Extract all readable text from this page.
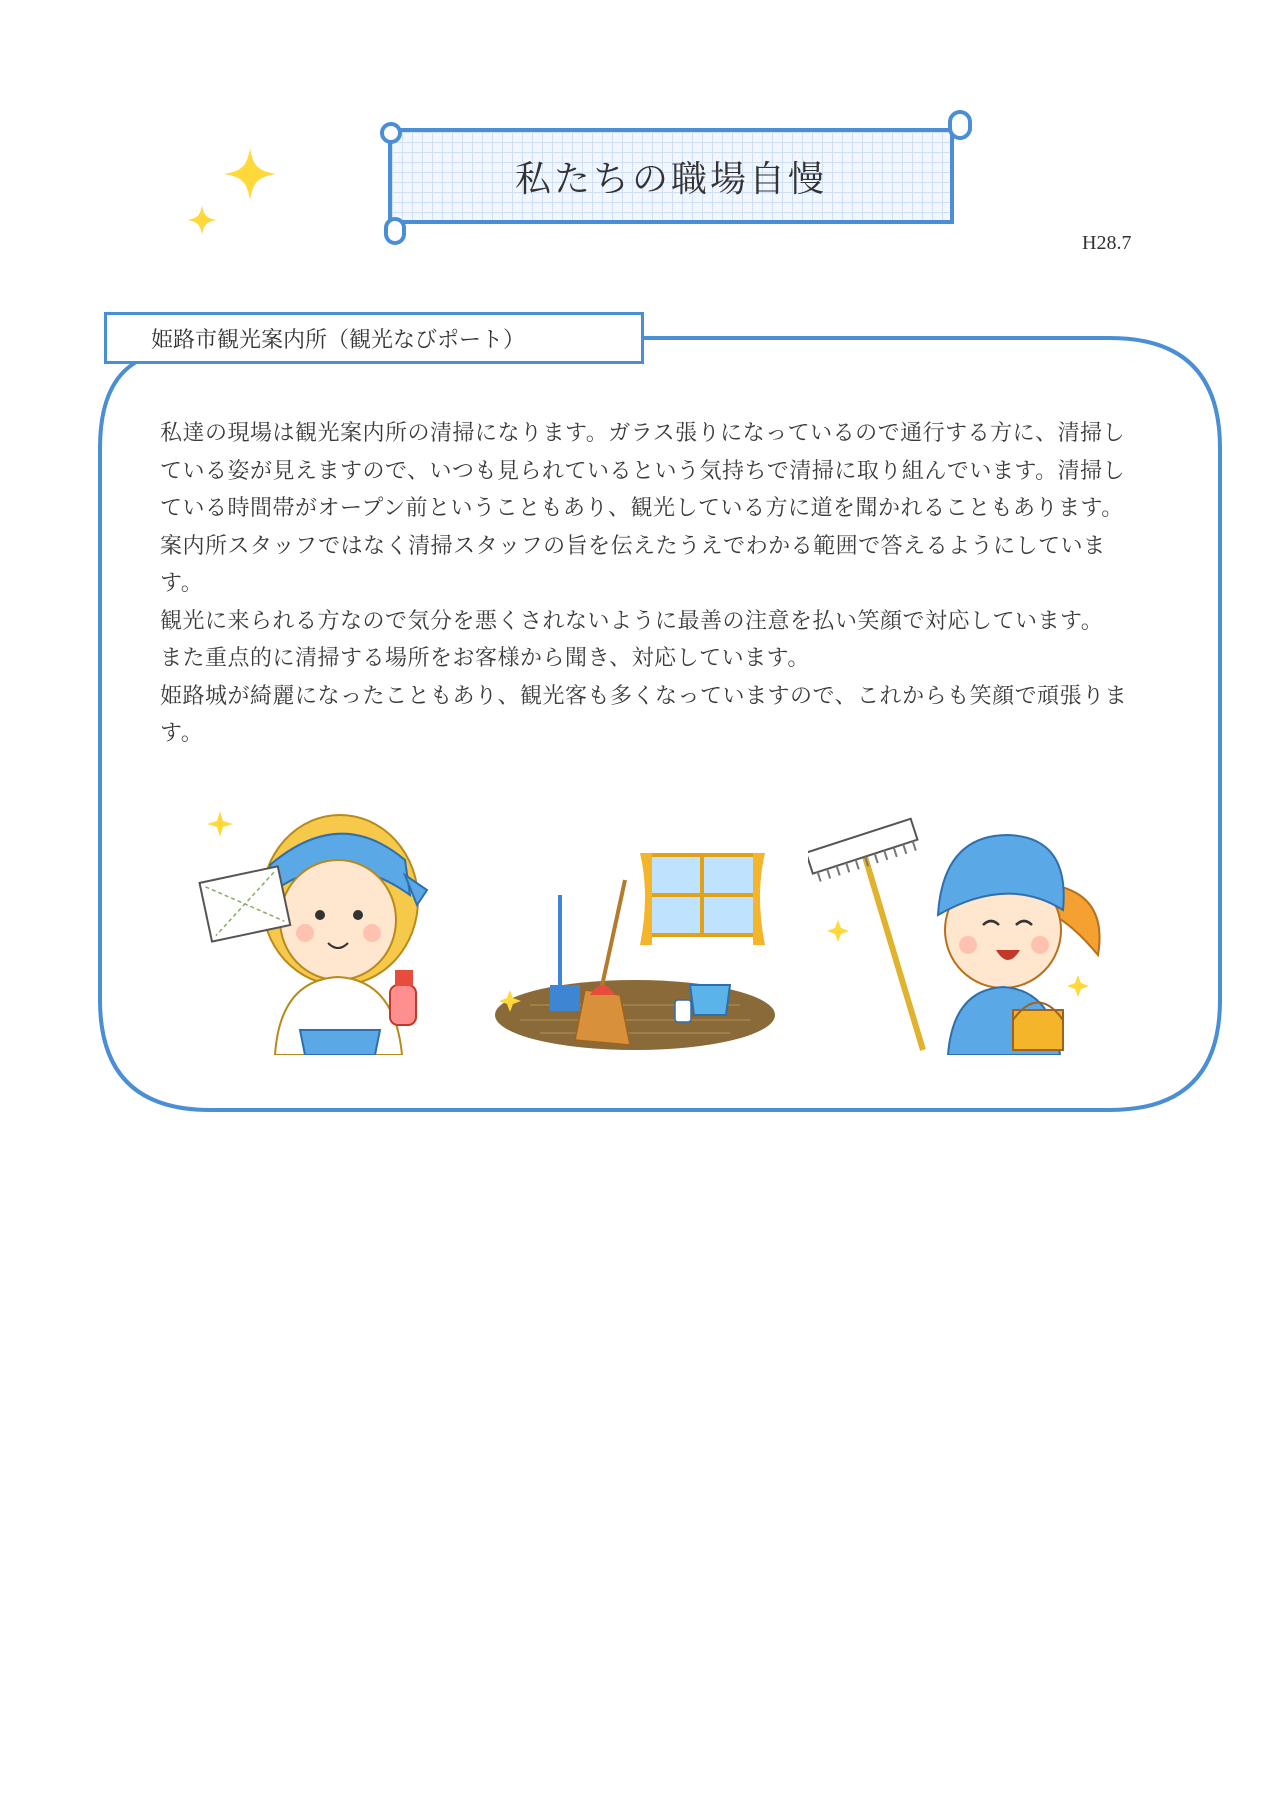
私たちの職場自慢
H28.7
姫路市観光案内所（観光なびポート）

私達の現場は観光案内所の清掃になります。ガラス張りになっているので通行する方に、清掃している姿が見えますので、いつも見られているという気持ちで清掃に取り組んでいます。清掃している時間帯がオープン前ということもあり、観光している方に道を聞かれることもあります。案内所スタッフではなく清掃スタッフの旨を伝えたうえでわかる範囲で答えるようにしています。

観光に来られる方なので気分を悪くされないように最善の注意を払い笑顔で対応しています。

また重点的に清掃する場所をお客様から聞き、対応しています。

姫路城が綺麗になったこともあり、観光客も多くなっていますので、これからも笑顔で頑張ります。
